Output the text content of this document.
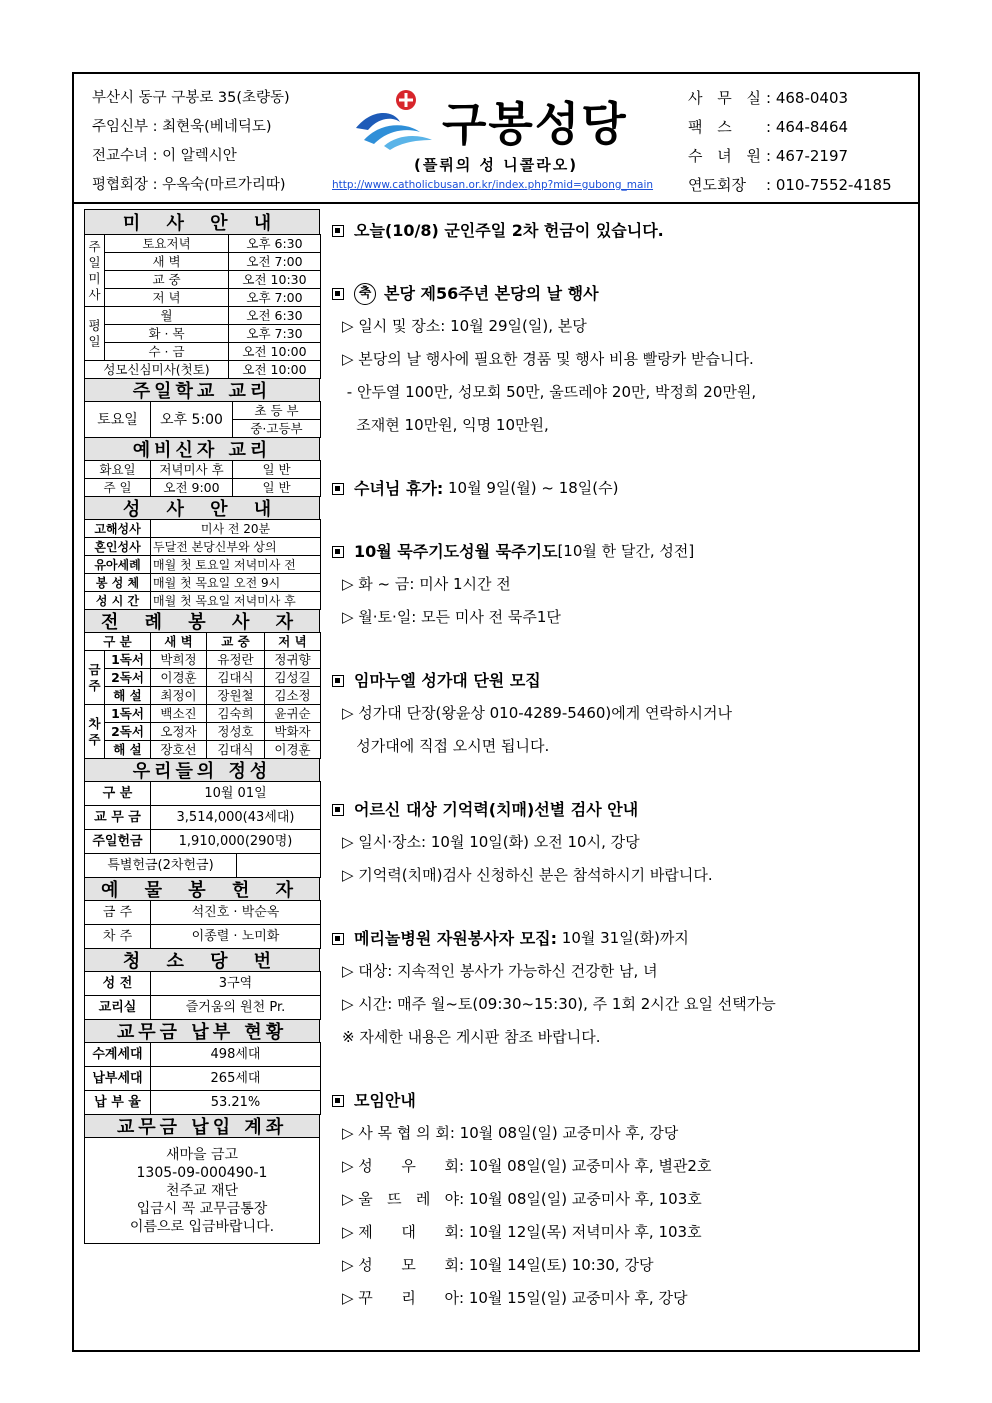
부산시 동구 구봉로 35(초량동)
주임신부 : 최현욱(베네딕도)
전교수녀 : 이 알렉시안
평협회장 : 우옥숙(마르가리따)
구봉성당
(플뤼의 성 니콜라오)
http://www.catholicbusan.or.kr/index.php?mid=gubong_main
사 무 실 : 468-0403
팩 스	: 464-8464
수 녀 원 : 467-2197
연도회장	: 010-7552-4185
미 사 안 내
주
일
미
사	토요저녁	오후 6:30
	새 벽	오전 7:00
	교 중	오전 10:30
	저 녁	오후 7:00
평
일	월	오전 6:30
	화 · 목	오후 7:30
	수 · 금	오전 10:00
성모신심미사(첫토)		오전 10:00
주일학교 교리
토요일	오후 5:00	초 등 부
중·고등부
예비신자 교리
화요일	저녁미사 후	일 반
주 일	오전 9:00	일 반
성 사 안 내
고해성사	미사 전 20분
혼인성사	두달전 본당신부와 상의
유아세례	매월 첫 토요일 저녁미사 전
봉 성 체	매월 첫 목요일 오전 9시
성 시 간	매월 첫 목요일 저녁미사 후
전 례 봉 사 자
구 분		새 벽	교 중	저 녁
금
주	1독서	박희정	유정란	정귀향
	2독서	이경훈	김대식	김성길
	해 설	최정이	장원철	김소정
차
주	1독서	백소진	김숙희	윤귀순
	2독서	오정자	정성호	박화자
	해 설	장호선	김대식	이경훈
우리들의 정성
구 분	10월 01일	
교 무 금	3,514,000(43세대)	
주일헌금	1,910,000(290명)	
특별헌금(2차헌금)		
예 물 봉 헌 자
금 주	석진호 · 박순옥
차 주	이종렬 · 노미화
청 소 당 번
성 전	3구역
교리실	즐거움의 원천 Pr.
교무금 납부 현황
수계세대	498세대
납부세대	265세대
납 부 율	53.21%
교무금 납입 계좌
새마을 금고
1305-09-000490-1
천주교 재단
입금시 꼭 교무금통장
이름으로 입금바랍니다.
오늘(10/8) 군인주일 2차 헌금이 있습니다.
축 본당 제56주년 본당의 날 행사
▷ 일시 및 장소: 10월 29일(일), 본당
▷ 본당의 날 행사에 필요한 경품 및 행사 비용 빨랑카 받습니다.
- 안두열 100만, 성모회 50만, 울뜨레야 20만, 박정희 20만원,
조재현 10만원, 익명 10만원,
수녀님 휴가: 10월 9일(월) ~ 18일(수)
10월 묵주기도성월 묵주기도 [10월 한 달간, 성전]
▷ 화 ~ 금: 미사 1시간 전
▷ 월·토·일: 모든 미사 전 묵주1단
임마누엘 성가대 단원 모집
▷ 성가대 단장(왕윤상 010-4289-5460)에게 연락하시거나
성가대에 직접 오시면 됩니다.
어르신 대상 기억력(치매)선별 검사 안내
▷ 일시·장소: 10월 10일(화) 오전 10시, 강당
▷ 기억력(치매)검사 신청하신 분은 참석하시기 바랍니다.
메리놀병원 자원봉사자 모집: 10월 31일(화)까지
▷ 대상: 지속적인 봉사가 가능하신 건강한 남, 녀
▷ 시간: 매주 월~토(09:30~15:30), 주 1회 2시간 요일 선택가능
※ 자세한 내용은 게시판 참조 바랍니다.
모임안내
▷ 사 목 협 의 회: 10월 08일(일) 교중미사 후, 강당
▷ 성      우      회: 10월 08일(일) 교중미사 후, 별관2호
▷ 울   뜨   레   야: 10월 08일(일) 교중미사 후, 103호
▷ 제      대      회: 10월 12일(목) 저녁미사 후, 103호
▷ 성      모      회: 10월 14일(토) 10:30, 강당
▷ 꾸      리      아: 10월 15일(일) 교중미사 후, 강당
